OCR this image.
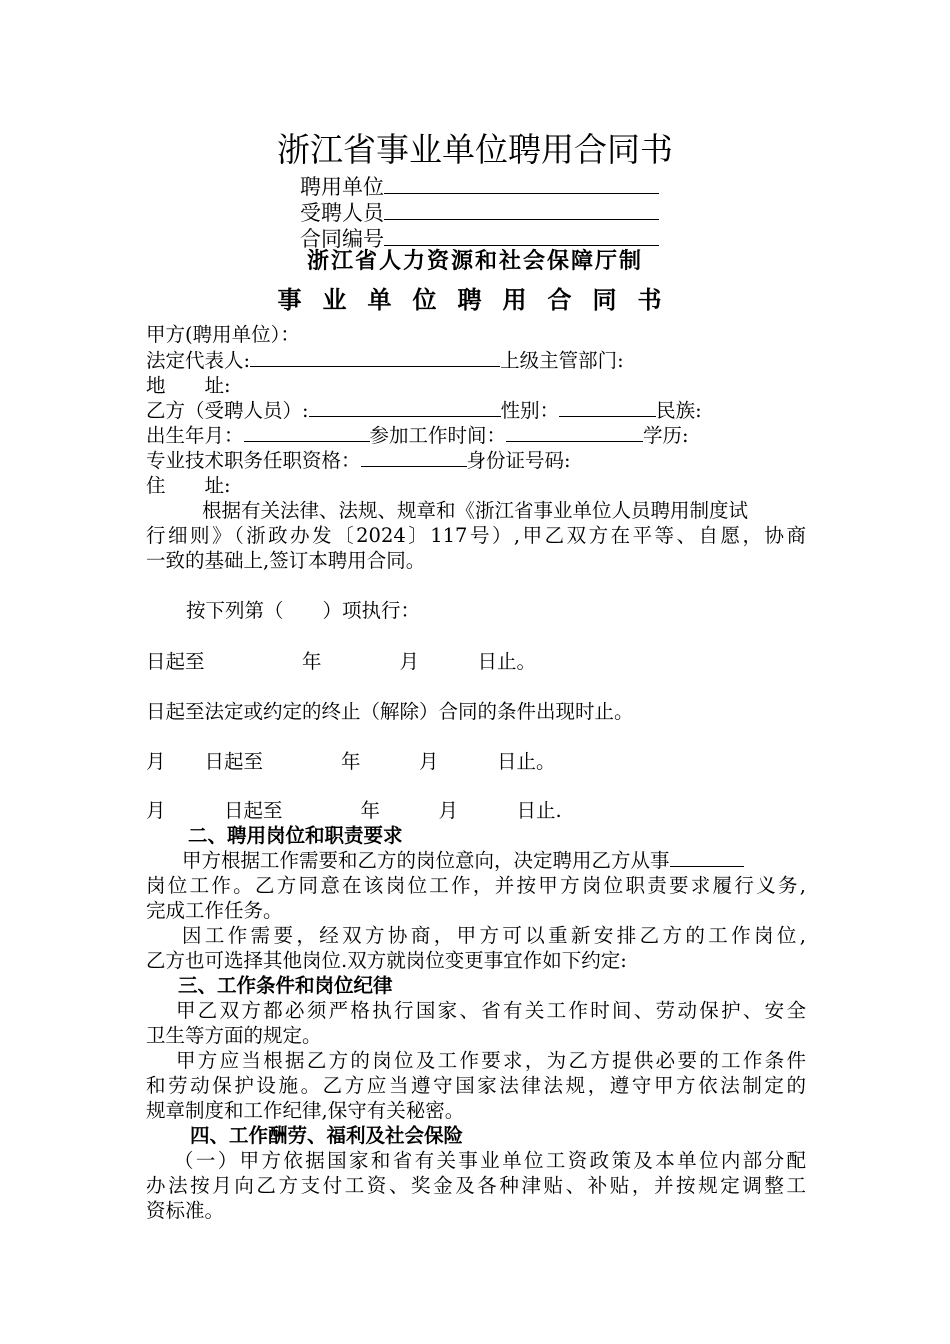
浙江省事业单位聘用合同书
聘用单位
受聘人员
合同编号
浙江省人力资源和社会保障厅制
事业单位聘用合同书
甲方(聘用单位）：
法定代表人:	上级主管部门:
地　　址:
乙方（受聘人员）:	性别：	民族:
出生年月：	参加工作时间：	学历:
专业技术职务任职资格：	身份证号码:
住　　址:
根据有关法律、法规、规章和《浙江省事业单位人员聘用制度试
行细则》（浙政办发〔2024〕117号）,甲乙双方在平等、自愿，协商
一致的基础上,签订本聘用合同。
按下列第（　　）项执行：
日起至　　　　　年　　　　月　　　日止。
日起至法定或约定的终止（解除）合同的条件出现时止。
月　　日起至　　　　年　　　月　　　日止。
月　　　日起至　　　　年　　　月　　　日止.
二、聘用岗位和职责要求
甲方根据工作需要和乙方的岗位意向，决定聘用乙方从事
岗位工作。乙方同意在该岗位工作，并按甲方岗位职责要求履行义务,
完成工作任务。
因工作需要，经双方协商，甲方可以重新安排乙方的工作岗位,
乙方也可选择其他岗位.双方就岗位变更事宜作如下约定:
三、工作条件和岗位纪律
甲乙双方都必须严格执行国家、省有关工作时间、劳动保护、安全
卫生等方面的规定。
甲方应当根据乙方的岗位及工作要求，为乙方提供必要的工作条件
和劳动保护设施。乙方应当遵守国家法律法规，遵守甲方依法制定的
规章制度和工作纪律,保守有关秘密。
四、工作酬劳、福利及社会保险
（一）甲方依据国家和省有关事业单位工资政策及本单位内部分配
办法按月向乙方支付工资、奖金及各种津贴、补贴，并按规定调整工
资标准。
